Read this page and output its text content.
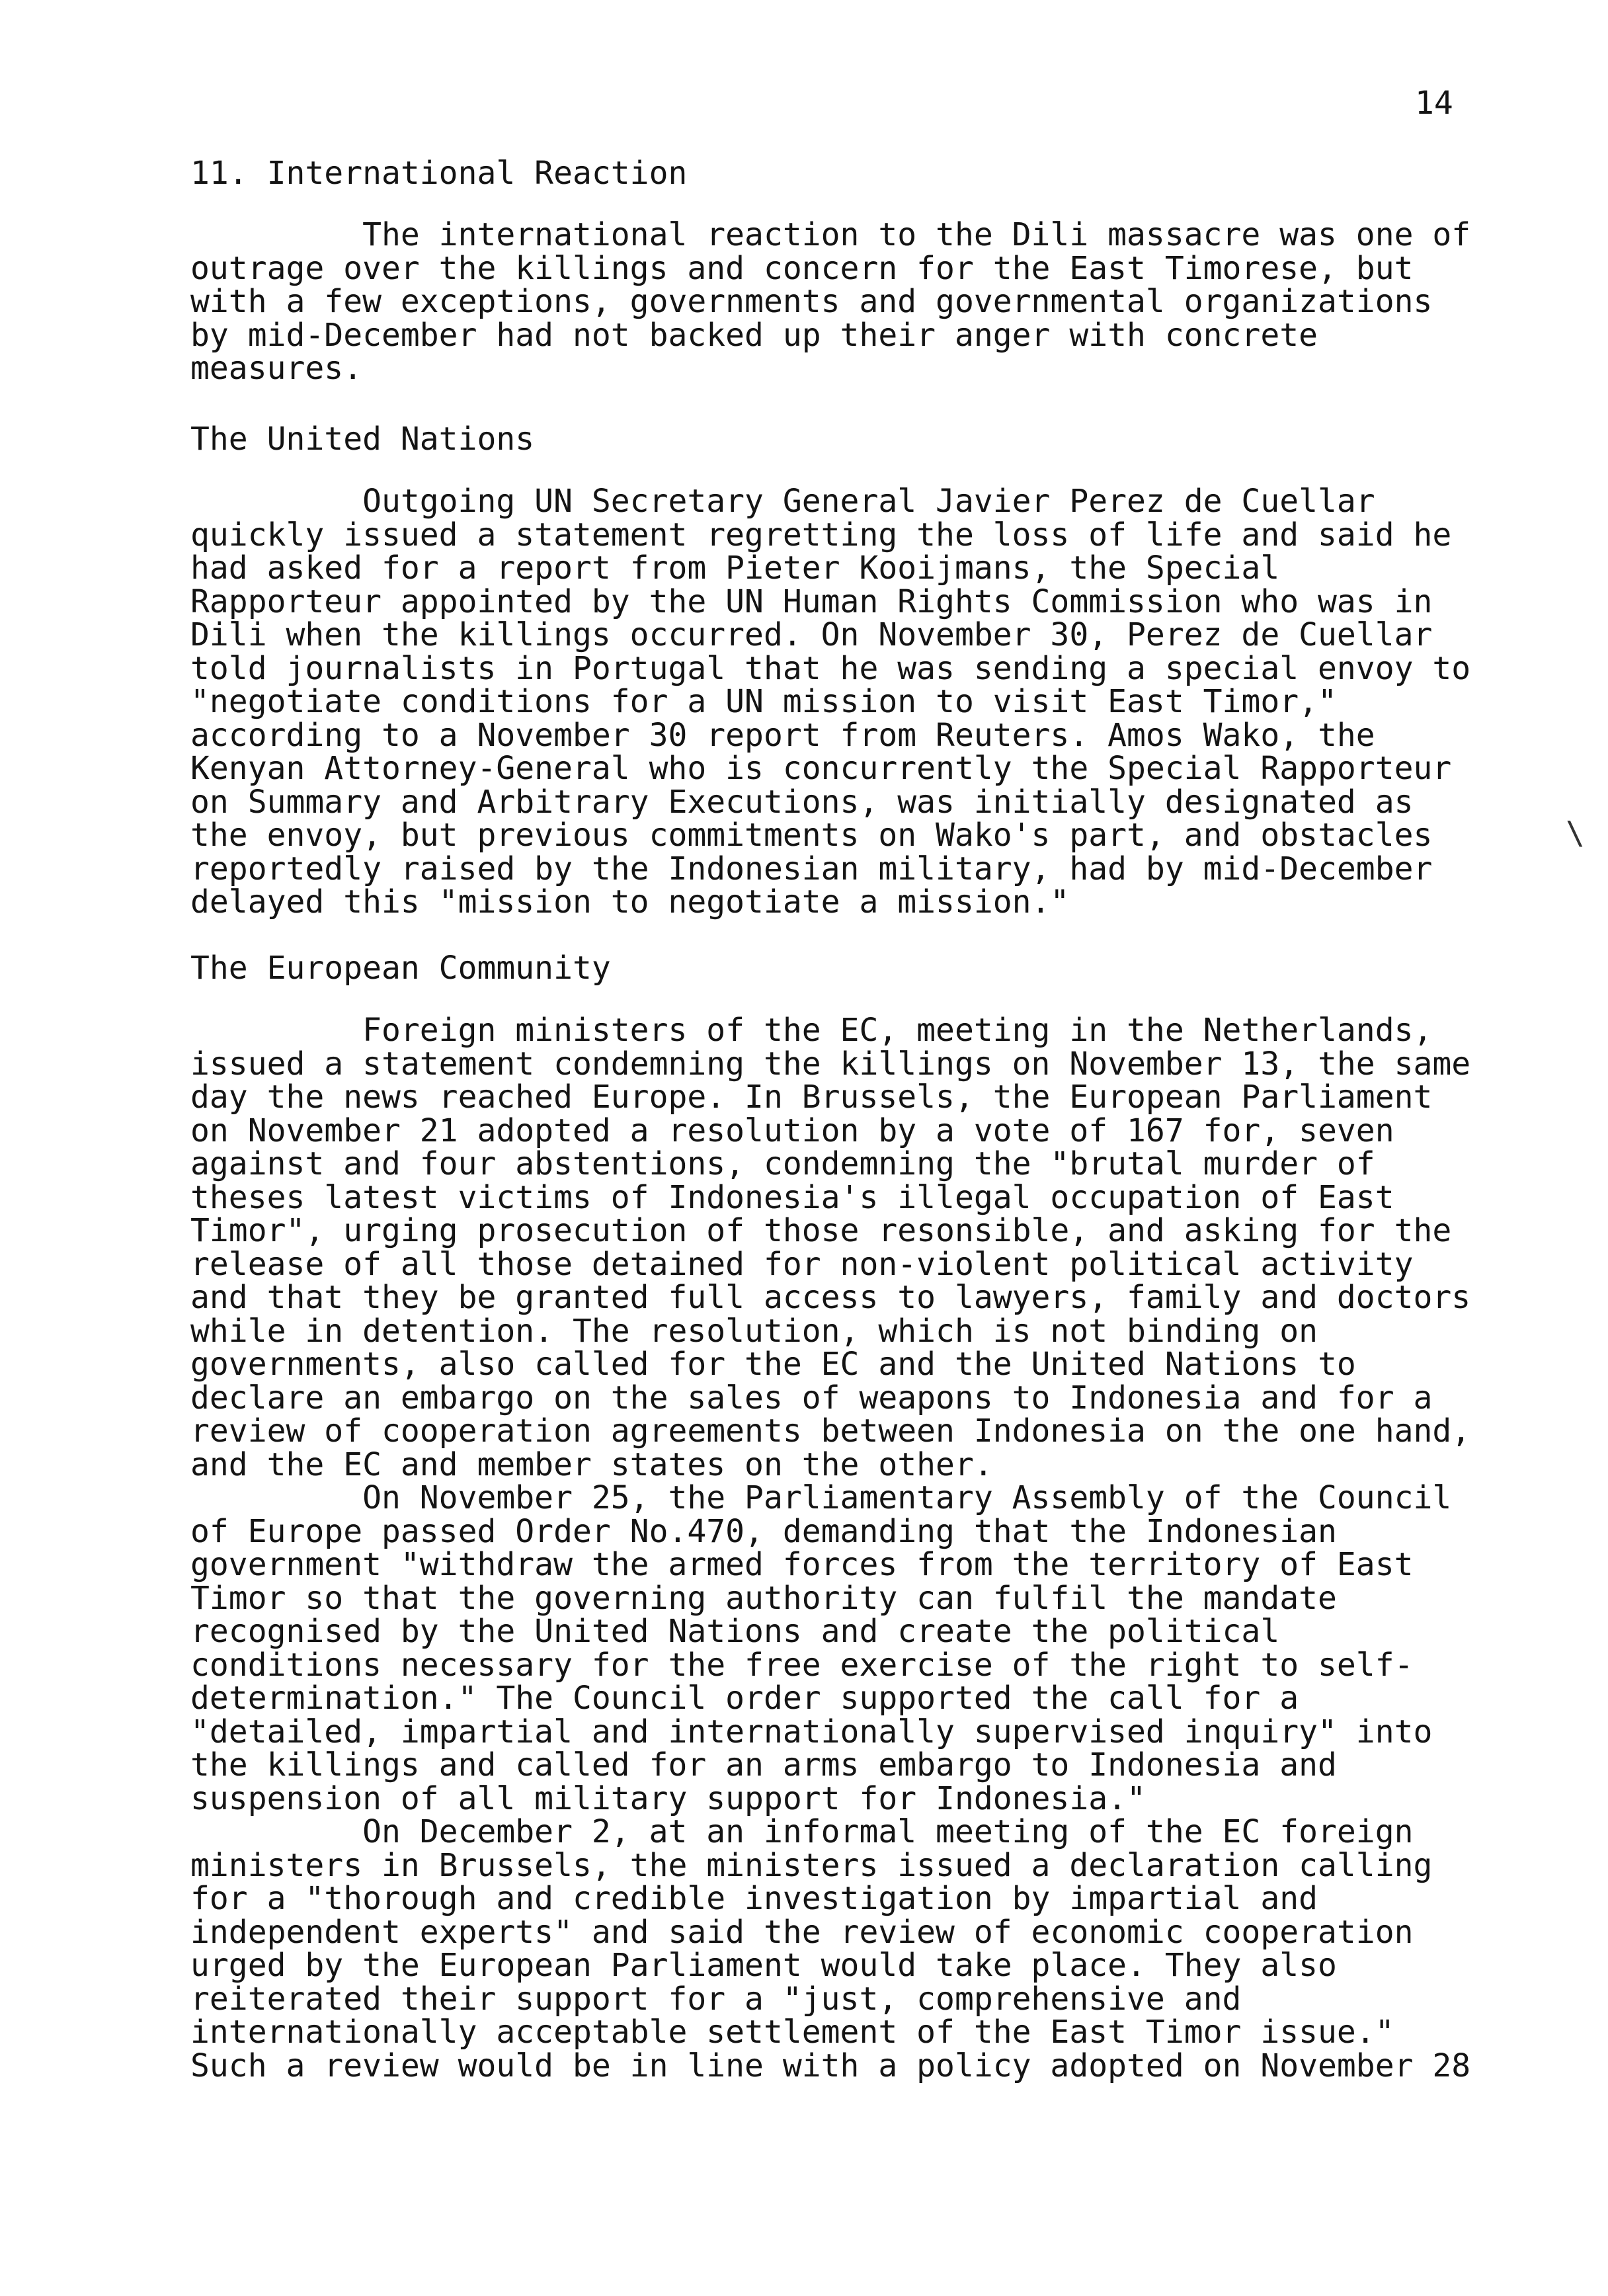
14
11. International Reaction
The international reaction to the Dili massacre was one of
outrage over the killings and concern for the East Timorese, but
with a few exceptions, governments and governmental organizations
by mid-December had not backed up their anger with concrete
measures.
The United Nations
Outgoing UN Secretary General Javier Perez de Cuellar
quickly issued a statement regretting the loss of life and said he
had asked for a report from Pieter Kooijmans, the Special
Rapporteur appointed by the UN Human Rights Commission who was in
Dili when the killings occurred. On November 30, Perez de Cuellar
told journalists in Portugal that he was sending a special envoy to
"negotiate conditions for a UN mission to visit East Timor,"
according to a November 30 report from Reuters. Amos Wako, the
Kenyan Attorney-General who is concurrently the Special Rapporteur
on Summary and Arbitrary Executions, was initially designated as
the envoy, but previous commitments on Wako's part, and obstacles
reportedly raised by the Indonesian military, had by mid-December
delayed this "mission to negotiate a mission."
The European Community
Foreign ministers of the EC, meeting in the Netherlands,
issued a statement condemning the killings on November 13, the same
day the news reached Europe. In Brussels, the European Parliament
on November 21 adopted a resolution by a vote of 167 for, seven
against and four abstentions, condemning the "brutal murder of
theses latest victims of Indonesia's illegal occupation of East
Timor", urging prosecution of those resonsible, and asking for the
release of all those detained for non-violent political activity
and that they be granted full access to lawyers, family and doctors
while in detention. The resolution, which is not binding on
governments, also called for the EC and the United Nations to
declare an embargo on the sales of weapons to Indonesia and for a
review of cooperation agreements between Indonesia on the one hand,
and the EC and member states on the other.
On November 25, the Parliamentary Assembly of the Council
of Europe passed Order No.470, demanding that the Indonesian
government "withdraw the armed forces from the territory of East
Timor so that the governing authority can fulfil the mandate
recognised by the United Nations and create the political
conditions necessary for the free exercise of the right to self-
determination." The Council order supported the call for a
"detailed, impartial and internationally supervised inquiry" into
the killings and called for an arms embargo to Indonesia and
suspension of all military support for Indonesia."
On December 2, at an informal meeting of the EC foreign
ministers in Brussels, the ministers issued a declaration calling
for a "thorough and credible investigation by impartial and
independent experts" and said the review of economic cooperation
urged by the European Parliament would take place. They also
reiterated their support for a "just, comprehensive and
internationally acceptable settlement of the East Timor issue."
Such a review would be in line with a policy adopted on November 28
\
